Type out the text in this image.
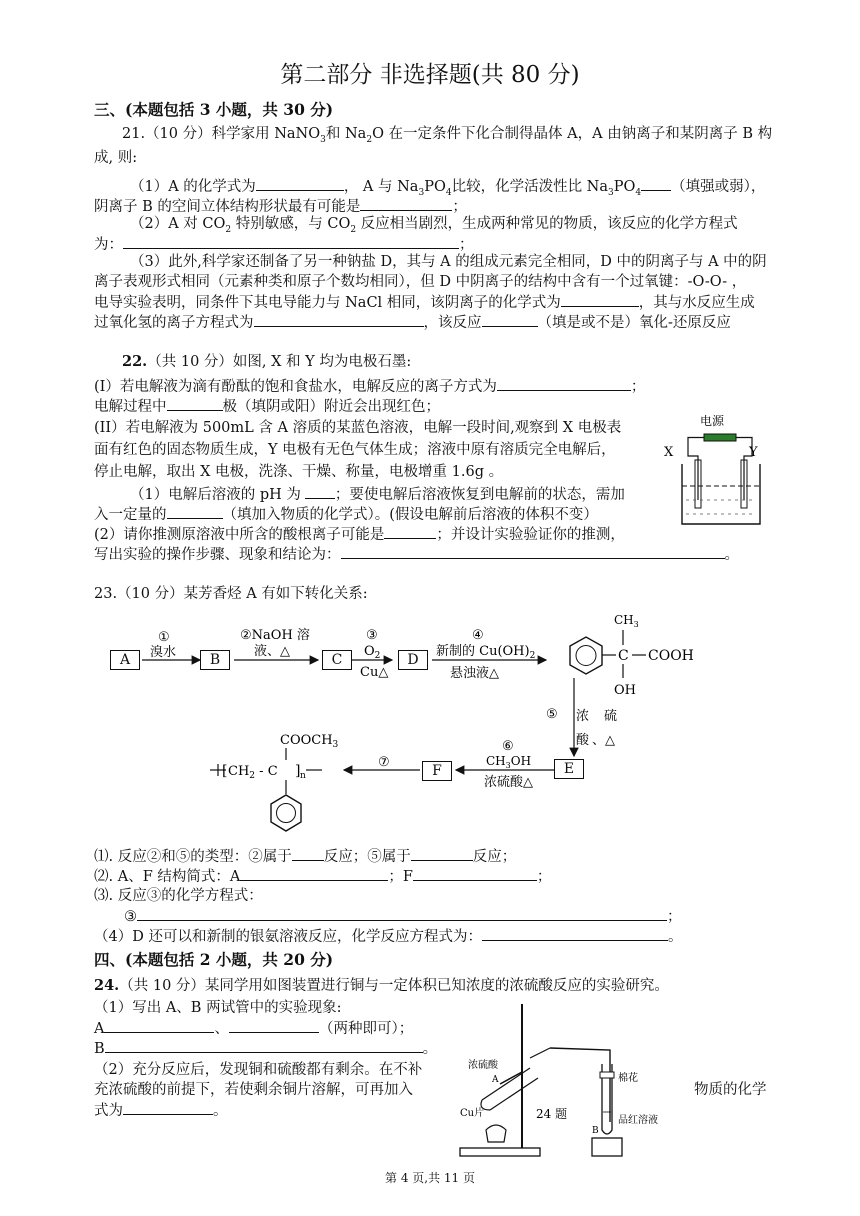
第二部分 非选择题(共 80 分)
三、(本题包括 3 小题，共 30 分)
21.（10 分）科学家用 NaNO$_3$和 $Na_2O$ 在一定条件下化合制得晶体 A，A 由钠离子和某阴离子 B 构
成, 则:
（1）A 的化学式为	， A 与 $Na_3PO_4$比较，化学活泼性比 $Na_3PO_4$ （填强或弱），
阴离子 B 的空间立体结构形状最有可能是	；
（2）A 对 $CO_2$ 特别敏感，与 $CO_2$ 反应相当剧烈，生成两种常见的物质，该反应的化学方程式
为：	；
（3）此外,科学家还制备了另一种钠盐 D，其与 A 的组成元素完全相同，D 中的阴离子与 A 中的阴
离子表观形式相同（元素种类和原子个数均相同），但 D 中阴离子的结构中含有一个过氧键：-O-O- ，
电导实验表明，同条件下其电导能力与 NaCl 相同，该阴离子的化学式为	，其与水反应生成
过氧化氢的离子方程式为	，该反应	（填是或不是）氧化-还原反应
22.（共 10 分）如图, X 和 Y 均为电极石墨:
(I）若电解液为滴有酚酞的饱和食盐水，电解反应的离子方式为	；
电解过程中	极（填阴或阳）附近会出现红色；
(II）若电解液为 500mL 含 A 溶质的某蓝色溶液，电解一段时间,观察到 X 电极表
面有红色的固态物质生成，Y 电极有无色气体生成；溶液中原有溶质完全电解后，
停止电解，取出 X 电极，洗涤、干燥、称量，电极增重 1.6g 。
（1）电解后溶液的 pH 为 ；要使电解后溶液恢复到电解前的状态，需加
入一定量的	（填加入物质的化学式）。(假设电解前后溶液的体积不变）
(2）请你推测原溶液中所含的酸根离子可能是	；并设计实验验证你的推测，
写出实验的操作步骤、现象和结论为：	。
电源
X	Y
23.（10 分）某芳香烃 A 有如下转化关系:
①
溴水
②NaOH 溶
液、△
③
$O_2$
Cu△
④
新制的 $Cu(OH)_2$
悬浊液△
C COOH
$CH_3$
OH
⑤ 浓 硫
酸 、△
⑥
$CH_3OH$
浓硫酸△
⑦
[ $CH_2$ - C ] n
$COOCH_3$
A	B	C	D
F	E
⑴. 反应②和⑤的类型：②属于 反应；⑤属于	反应；
⑵. A、F 结构简式：A	；F	；
⑶. 反应③的化学方程式：
③	；
（4）D 还可以和新制的银氨溶液反应，化学反应方程式为：	。
四、(本题包括 2 小题，共 20 分)
24.（共 10 分）某同学用如图装置进行铜与一定体积已知浓度的浓硫酸反应的实验研究。
（1）写出 A、B 两试管中的实验现象:
A	、	（两种即可）；
B	。
（2）充分反应后，发现铜和硫酸都有剩余。在不补
充浓硫酸的前提下，若使剩余铜片溶解，可再加入	物质的化学
式为	。
浓硫酸
A
Cu片	24 题
棉花
品红溶液
B
第 4 页,共 11 页
